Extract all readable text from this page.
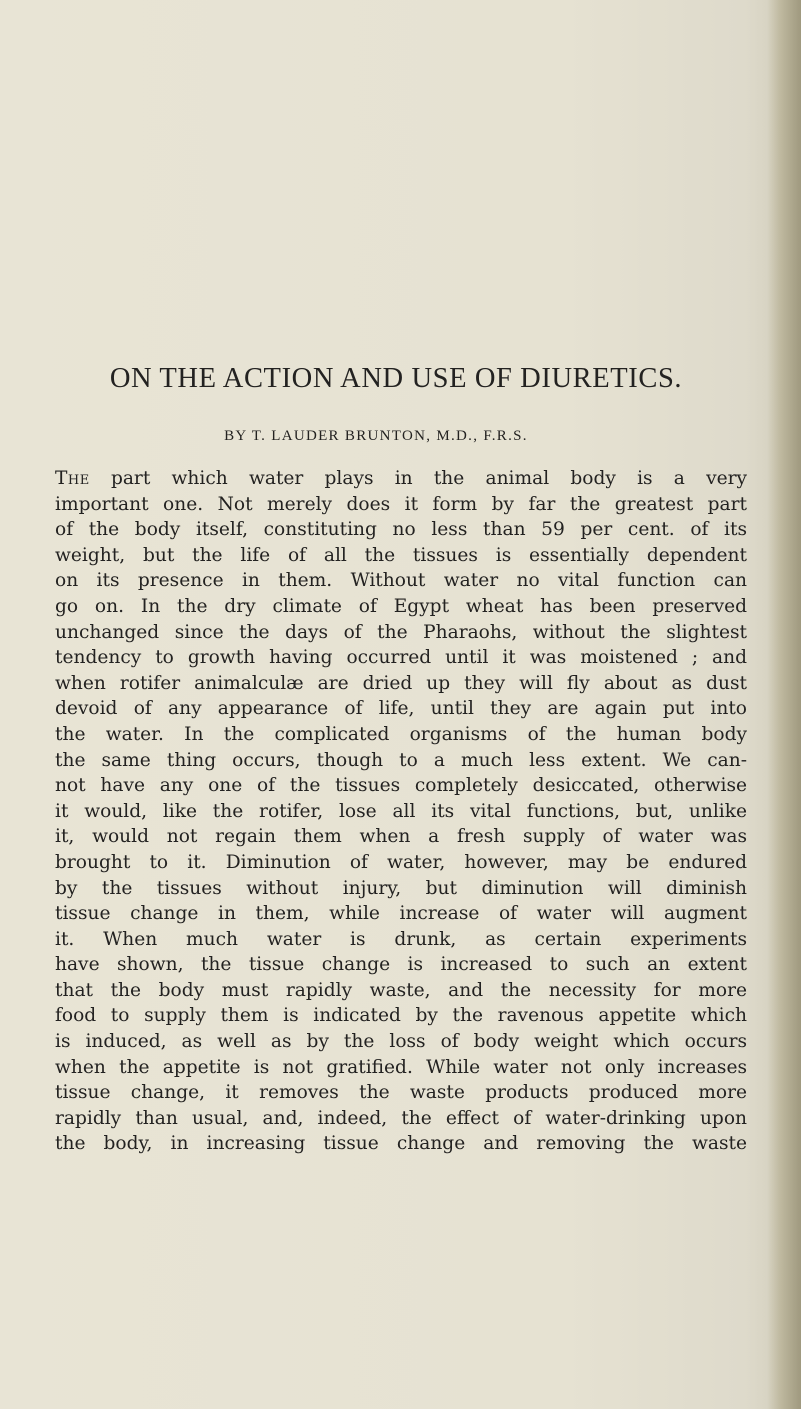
ON THE ACTION AND USE OF DIURETICS.

BY T. LAUDER BRUNTON, M.D., F.R.S.

The part which water plays in the animal body is a very
important one. Not merely does it form by far the greatest part
of the body itself, constituting no less than 59 per cent. of its
weight, but the life of all the tissues is essentially dependent
on its presence in them. Without water no vital function can
go on. In the dry climate of Egypt wheat has been preserved
unchanged since the days of the Pharaohs, without the slightest
tendency to growth having occurred until it was moistened ; and
when rotifer animalculæ are dried up they will fly about as dust
devoid of any appearance of life, until they are again put into
the water. In the complicated organisms of the human body
the same thing occurs, though to a much less extent. We can-
not have any one of the tissues completely desiccated, otherwise
it would, like the rotifer, lose all its vital functions, but, unlike
it, would not regain them when a fresh supply of water was
brought to it. Diminution of water, however, may be endured
by the tissues without injury, but diminution will diminish
tissue change in them, while increase of water will augment
it. When much water is drunk, as certain experiments
have shown, the tissue change is increased to such an extent
that the body must rapidly waste, and the necessity for more
food to supply them is indicated by the ravenous appetite which
is induced, as well as by the loss of body weight which occurs
when the appetite is not gratified. While water not only increases
tissue change, it removes the waste products produced more
rapidly than usual, and, indeed, the effect of water-drinking upon
the body, in increasing tissue change and removing the waste
